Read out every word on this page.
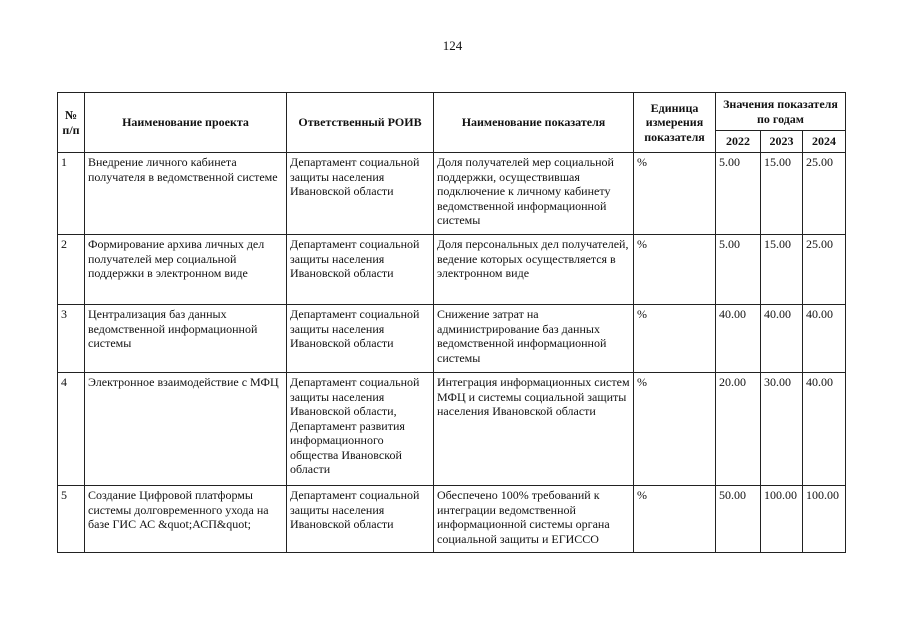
124
№ п/п	Наименование проекта	Ответственный РОИВ	Наименование показателя	Единица измерения показателя	Значения показателя по годам		
					2022	2023	2024
1	Внедрение личного кабинета получателя в ведомственной системе	Департамент социальной защиты населения Ивановской области	Доля получателей мер социальной поддержки, осуществившая подключение к личному кабинету ведомственной информационной системы	%	5.00	15.00	25.00
2	Формирование архива личных дел получателей мер социальной поддержки в электронном виде	Департамент социальной защиты населения Ивановской области	Доля персональных дел получателей, ведение которых осуществляется в электронном виде	%	5.00	15.00	25.00
3	Централизация баз данных ведомственной информационной системы	Департамент социальной защиты населения Ивановской области	Снижение затрат на администрирование баз данных ведомственной информационной системы	%	40.00	40.00	40.00
4	Электронное взаимодействие с МФЦ	Департамент социальной защиты населения Ивановской области, Департамент развития информационного общества Ивановской области	Интеграция информационных систем МФЦ и системы социальной защиты населения Ивановской области	%	20.00	30.00	40.00
5	Создание Цифровой платформы системы долговременного ухода на базе ГИС АС &quot;АСП&quot;	Департамент социальной защиты населения Ивановской области	Обеспечено 100% требований к интеграции ведомственной информационной системы органа социальной защиты и ЕГИССО	%	50.00	100.00	100.00
